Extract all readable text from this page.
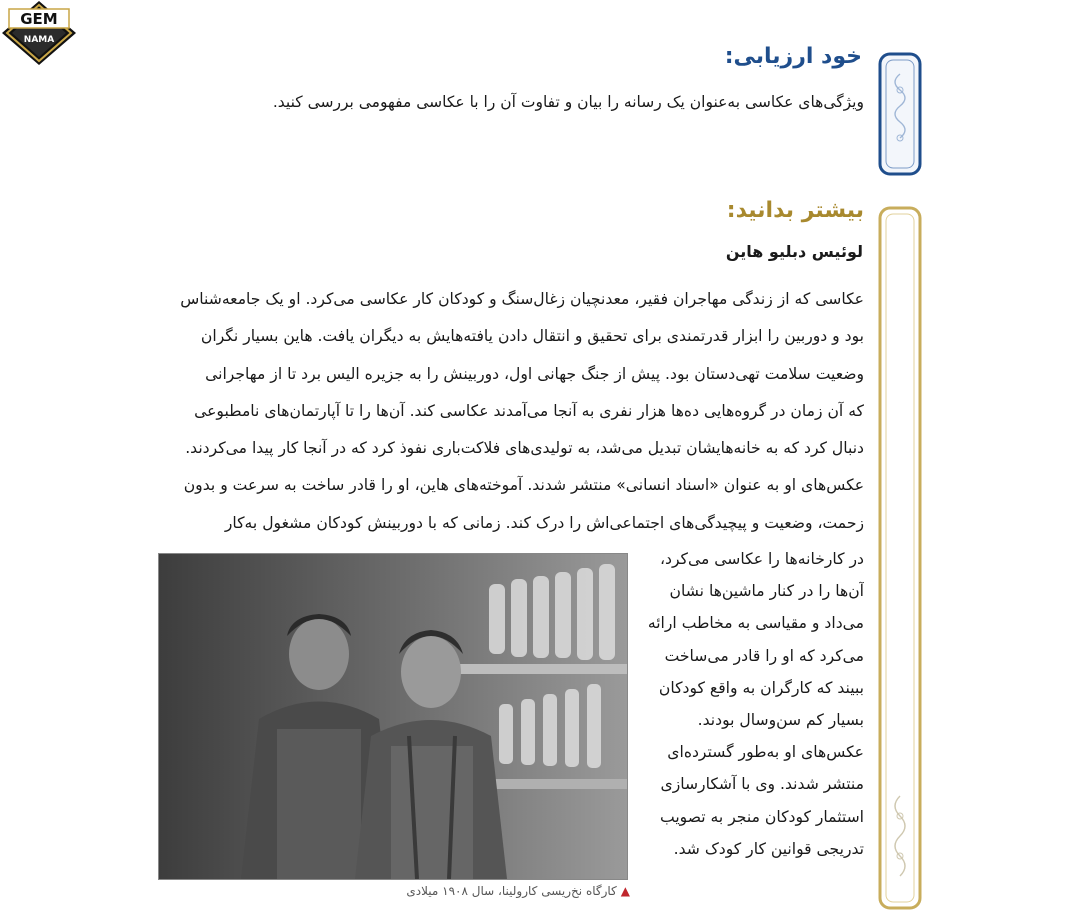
GEM
NAMA
خود ارزیابی:
ویژگی‌های عکاسی به‌عنوان یک رسانه را بیان و تفاوت آن را با عکاسی مفهومی بررسی کنید.
بیشتر بدانید:
لوئیس دبلیو هاین
عکاسی که از زندگی مهاجران فقیر، معدنچیان زغال‌سنگ و کودکان کار عکاسی می‌کرد. او یک جامعه‌شناس
بود و دوربین را ابزار قدرتمندی برای تحقیق و انتقال دادن یافته‌هایش به دیگران یافت. هاین بسیار نگران
وضعیت سلامت تهی‌دستان بود. پیش از جنگ جهانی اول، دوربینش را به جزیره الیس برد تا از مهاجرانی
که آن زمان در گروه‌هایی ده‌ها هزار نفری به آنجا می‌آمدند عکاسی کند. آن‌ها را تا آپارتمان‌های نامطبوعی
دنبال کرد که به خانه‌هایشان تبدیل می‌شد، به تولیدی‌های فلاکت‌باری نفوذ کرد که در آنجا کار پیدا می‌کردند.
عکس‌های او به عنوان «اسناد انسانی» منتشر شدند. آموخته‌های هاین، او را قادر ساخت به سرعت و بدون
زحمت، وضعیت و پیچیدگی‌های اجتماعی‌اش را درک کند. زمانی که با دوربینش کودکان مشغول به‌کار
در کارخانه‌ها را عکاسی می‌کرد،
آن‌ها را در کنار ماشین‌ها نشان
می‌داد و مقیاسی به مخاطب ارائه
می‌کرد که او را قادر می‌ساخت
ببیند که کارگران به واقع کودکان
بسیار کم سن‌وسال بودند.
عکس‌های او به‌طور گسترده‌ای
منتشر شدند. وی با آشکارسازی
استثمار کودکان منجر به تصویب
تدریجی قوانین کار کودک شد.
▲کارگاه نخ‌ریسی کارولینا، سال ۱۹۰۸ میلادی
